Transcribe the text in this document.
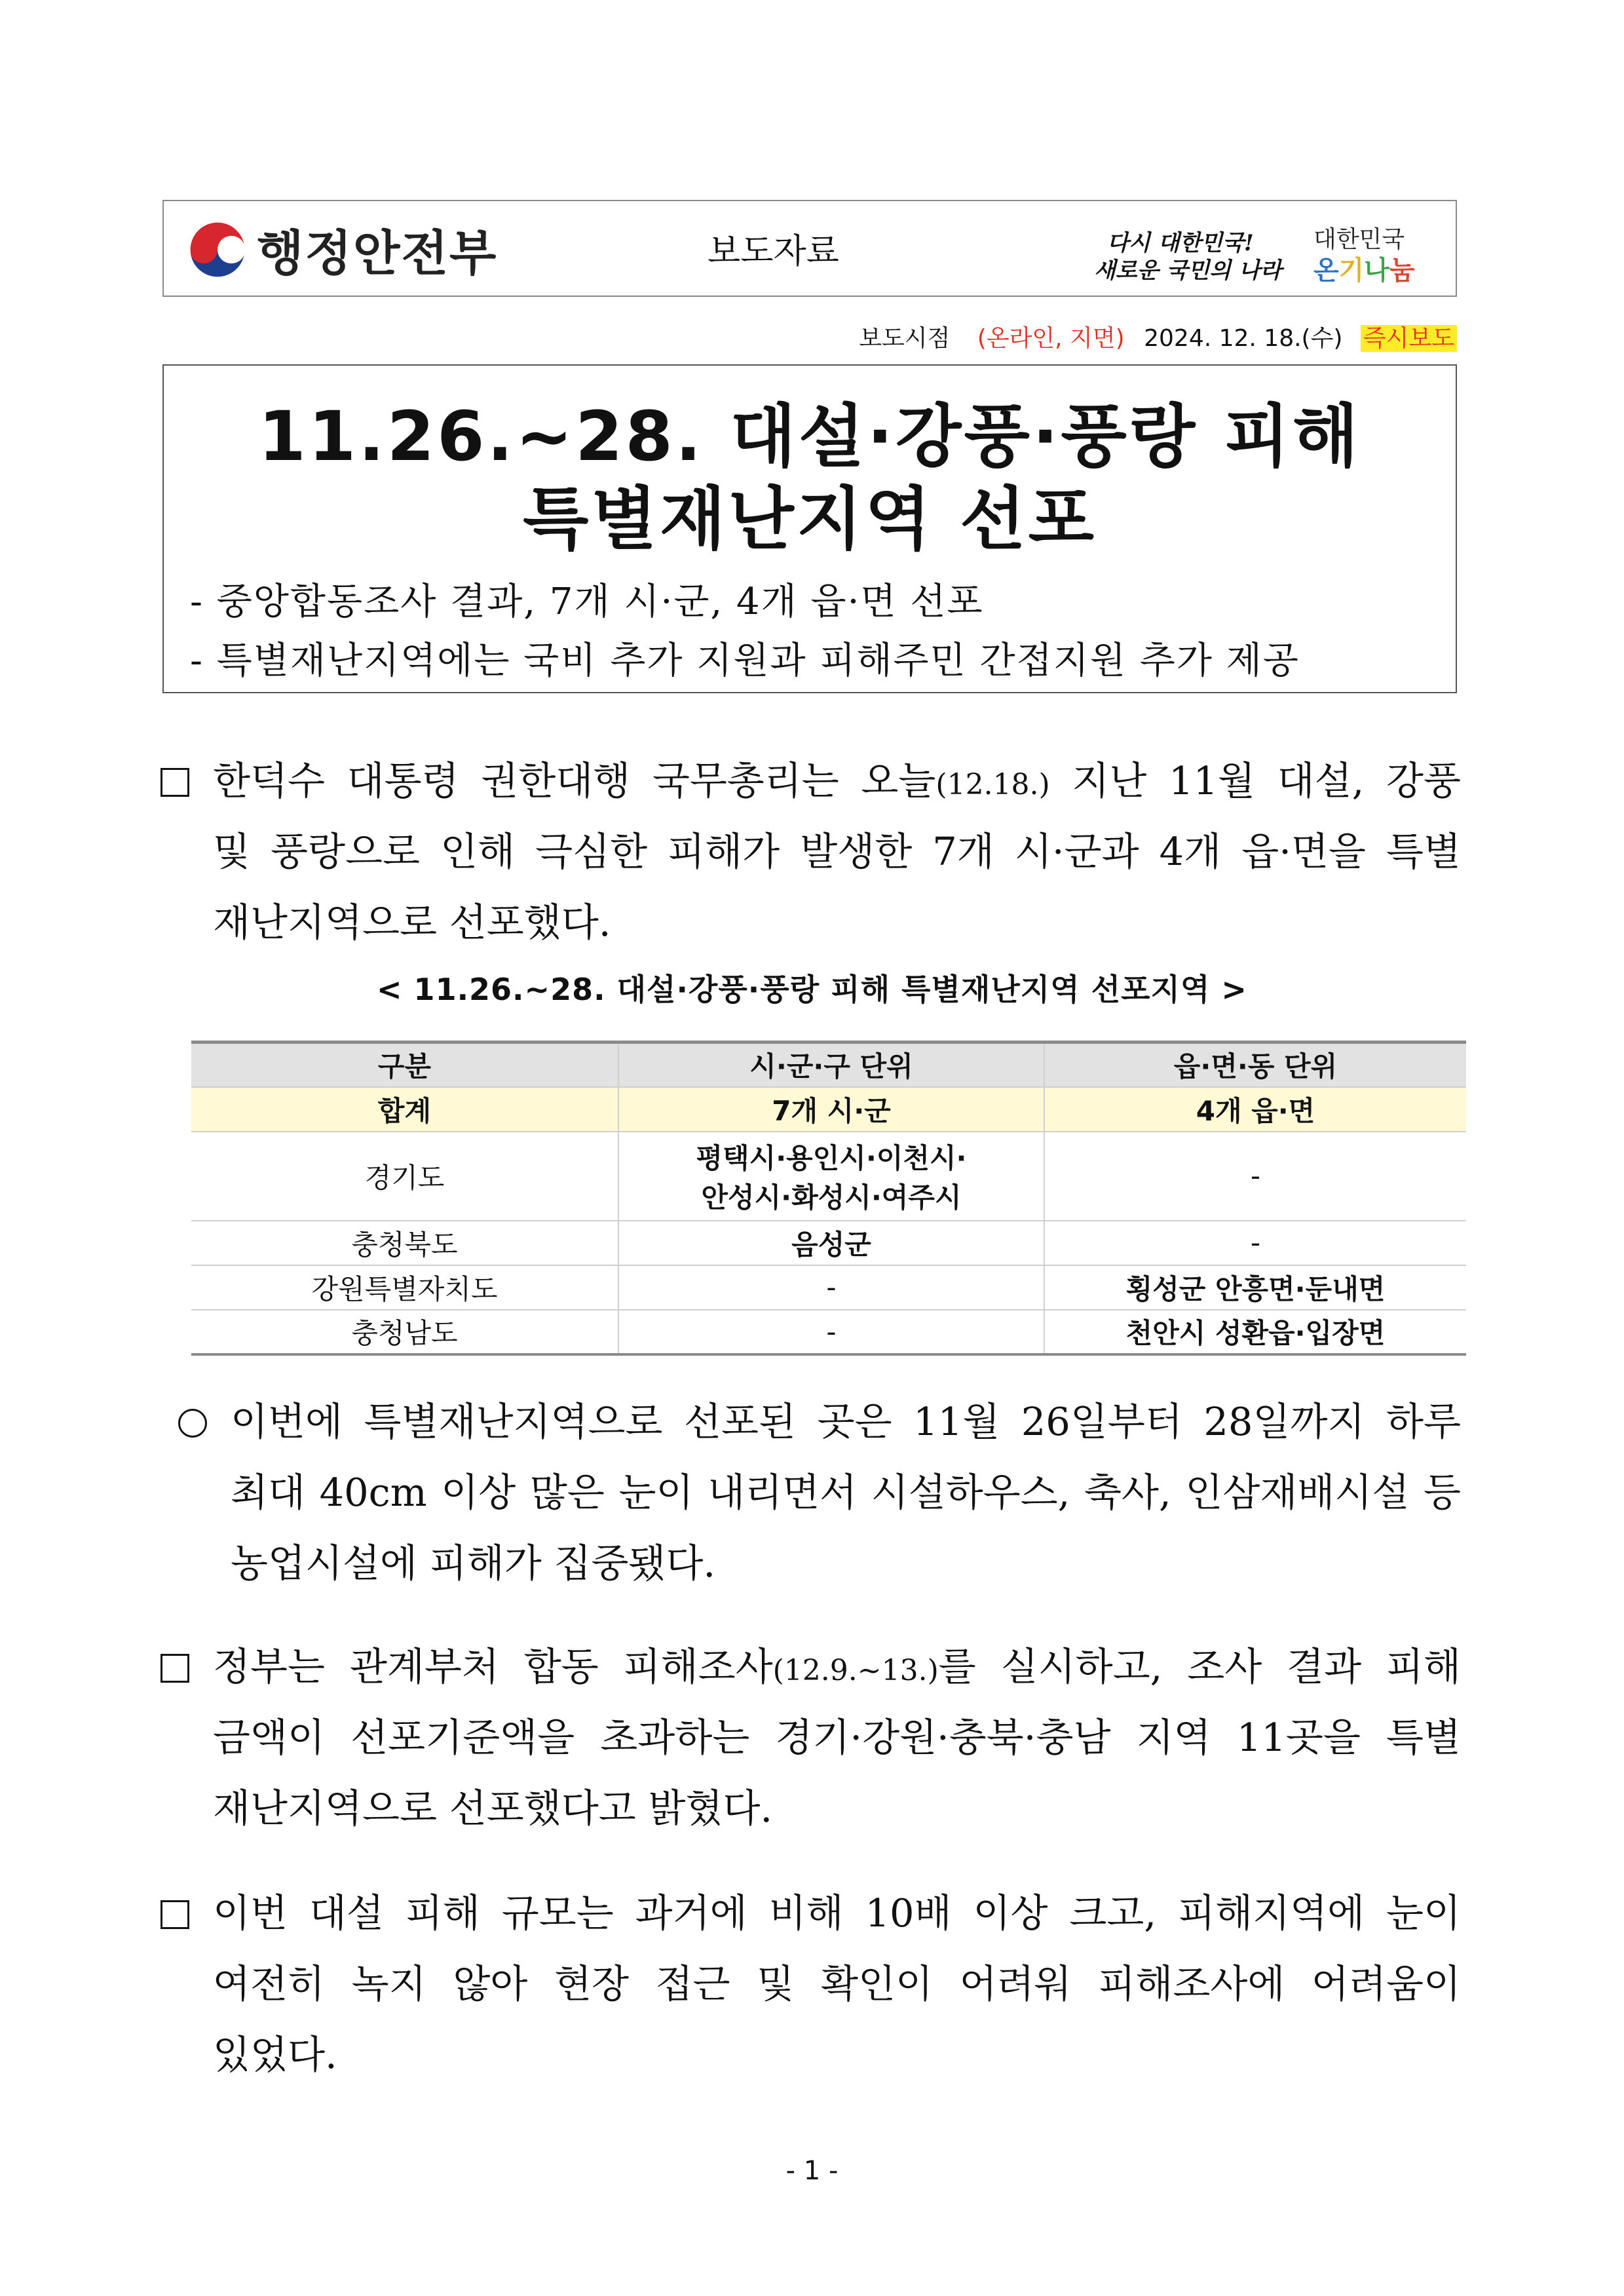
행정안전부	보도자료	다시 대한민국!
새로운 국민의 나라
대한민국
온기나눔
보도시점 (온라인, 지면) 2024. 12. 18.(수) 즉시보도
11.26.~28. 대설·강풍·풍랑 피해
특별재난지역 선포
- 중앙합동조사 결과, 7개 시·군, 4개 읍·면 선포
- 특별재난지역에는 국비 추가 지원과 피해주민 간접지원 추가 제공
한덕수 대통령 권한대행 국무총리는 오늘(12.18.) 지난 11월 대설, 강풍
및 풍랑으로 인해 극심한 피해가 발생한 7개 시·군과 4개 읍·면을 특별
재난지역으로 선포했다.
< 11.26.~28. 대설·강풍·풍랑 피해 특별재난지역 선포지역 >
구분	시·군·구 단위	읍·면·동 단위
합계	7개 시·군	4개 읍·면
경기도	평택시·용인시·이천시·
안성시·화성시·여주시	-
충청북도	음성군	-
강원특별자치도	-	횡성군 안흥면·둔내면
충청남도	-	천안시 성환읍·입장면
이번에 특별재난지역으로 선포된 곳은 11월 26일부터 28일까지 하루
최대 40cm 이상 많은 눈이 내리면서 시설하우스, 축사, 인삼재배시설 등
농업시설에 피해가 집중됐다.
정부는 관계부처 합동 피해조사(12.9.~13.)를 실시하고, 조사 결과 피해
금액이 선포기준액을 초과하는 경기·강원·충북·충남 지역 11곳을 특별
재난지역으로 선포했다고 밝혔다.
이번 대설 피해 규모는 과거에 비해 10배 이상 크고, 피해지역에 눈이
여전히 녹지 않아 현장 접근 및 확인이 어려워 피해조사에 어려움이
있었다.
- 1 -
